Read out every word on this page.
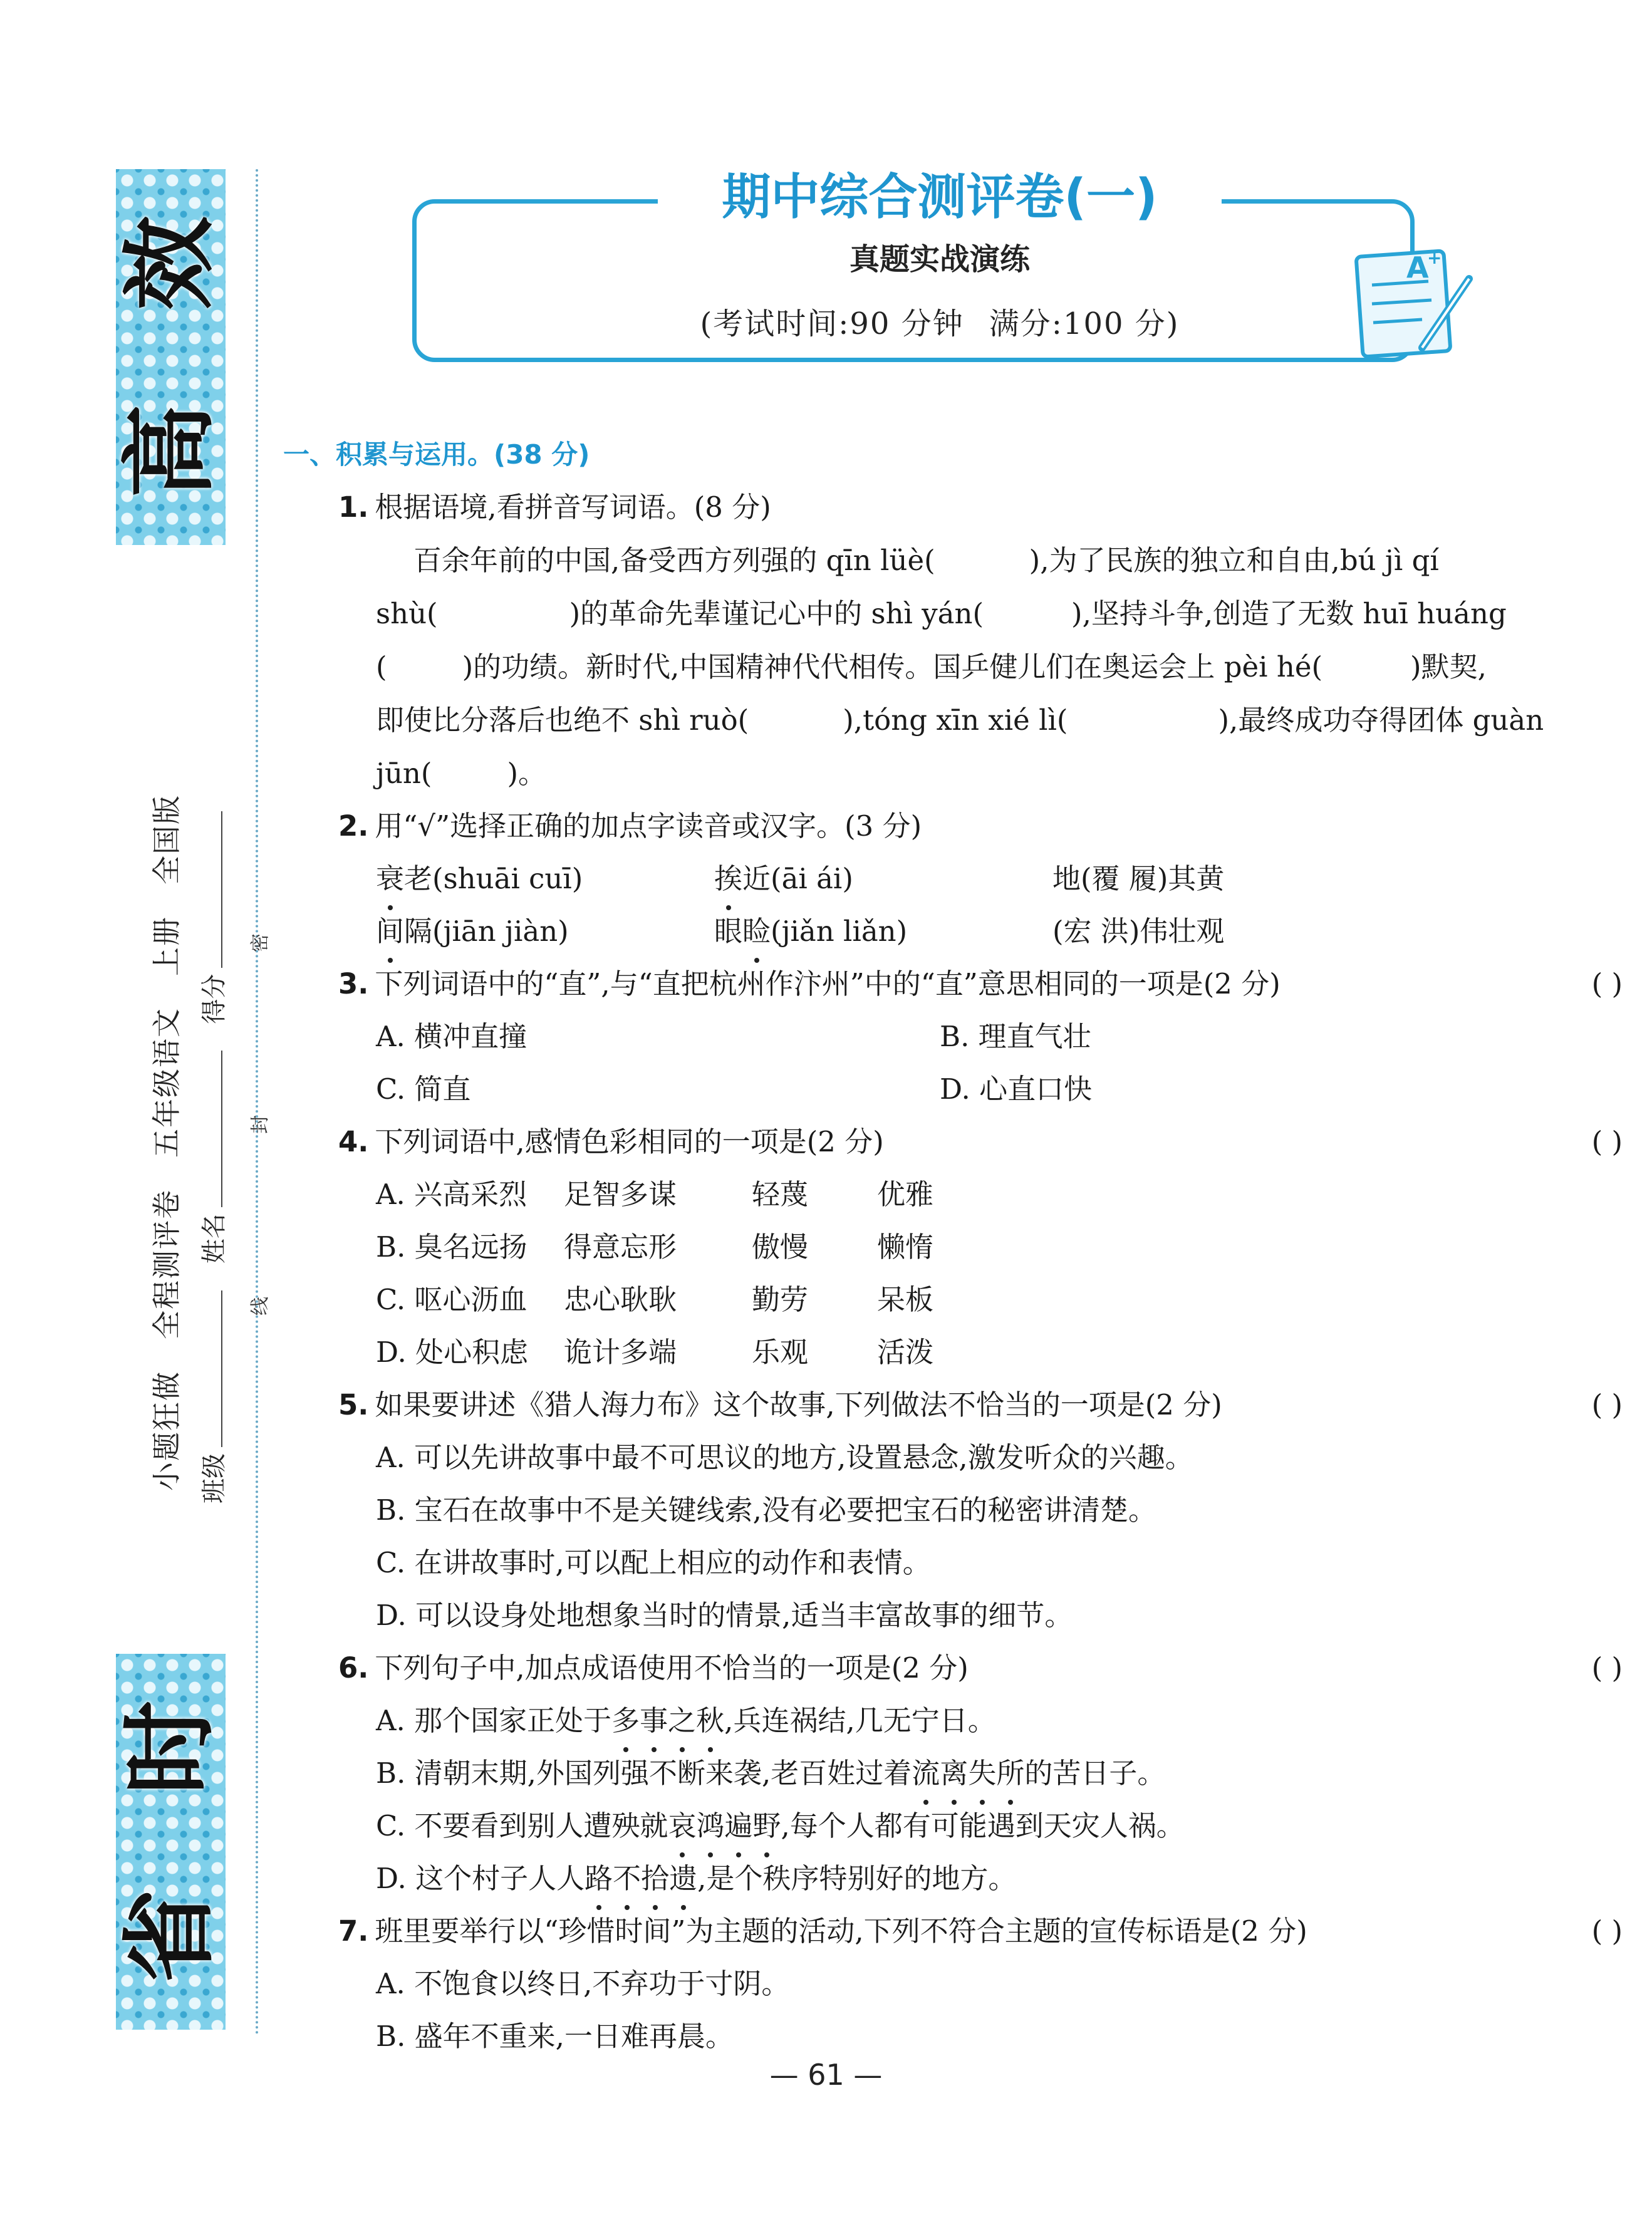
效
高
时
省
小题狂做全程测评卷五年级语文上册全国版
班级 姓名 得分
线封密
期中综合测评卷(一)
真题实战演练
(考试时间:90 分钟 满分:100 分)
A
+
一、积累与运用。(38 分)
1. 根据语境,看拼音写词语。(8 分)
百余年前的中国,备受西方列强的 qīn lüè(	),为了民族的独立和自由,bú jì qí
shù(	)的革命先辈谨记心中的 shì yán(	),坚持斗争,创造了无数 huī huáng
(	)的功绩。新时代,中国精神代代相传。国乒健儿们在奥运会上 pèi hé(	)默契,
即使比分落后也绝不 shì ruò(	),tóng xīn xié lì(	),最终成功夺得团体 guàn
jūn(	)。
2. 用“√”选择正确的加点字读音或汉字。(3 分)
衰老(shuāi cuī)	挨近(āi ái)	地(覆 履)其黄
间隔(jiān jiàn)	眼睑(jiǎn liǎn)	(宏 洪)伟壮观
3. 下列词语中的“直”,与“直把杭州作汴州”中的“直”意思相同的一项是(2 分)	( )
A. 横冲直撞	B. 理直气壮
C. 简直	D. 心直口快
4. 下列词语中,感情色彩相同的一项是(2 分)	( )
A. 兴高采烈 足智多谋	轻蔑 优雅
B. 臭名远扬 得意忘形	傲慢 懒惰
C. 呕心沥血 忠心耿耿	勤劳 呆板
D. 处心积虑 诡计多端	乐观 活泼
5. 如果要讲述《猎人海力布》这个故事,下列做法不恰当的一项是(2 分)	( )
A. 可以先讲故事中最不可思议的地方,设置悬念,激发听众的兴趣。
B. 宝石在故事中不是关键线索,没有必要把宝石的秘密讲清楚。
C. 在讲故事时,可以配上相应的动作和表情。
D. 可以设身处地想象当时的情景,适当丰富故事的细节。
6. 下列句子中,加点成语使用不恰当的一项是(2 分)	( )
A. 那个国家正处于多事之秋,兵连祸结,几无宁日。
B. 清朝末期,外国列强不断来袭,老百姓过着流离失所的苦日子。
C. 不要看到别人遭殃就哀鸿遍野,每个人都有可能遇到天灾人祸。
D. 这个村子人人路不拾遗,是个秩序特别好的地方。
7. 班里要举行以“珍惜时间”为主题的活动,下列不符合主题的宣传标语是(2 分)	( )
A. 不饱食以终日,不弃功于寸阴。
B. 盛年不重来,一日难再晨。
— 61 —
